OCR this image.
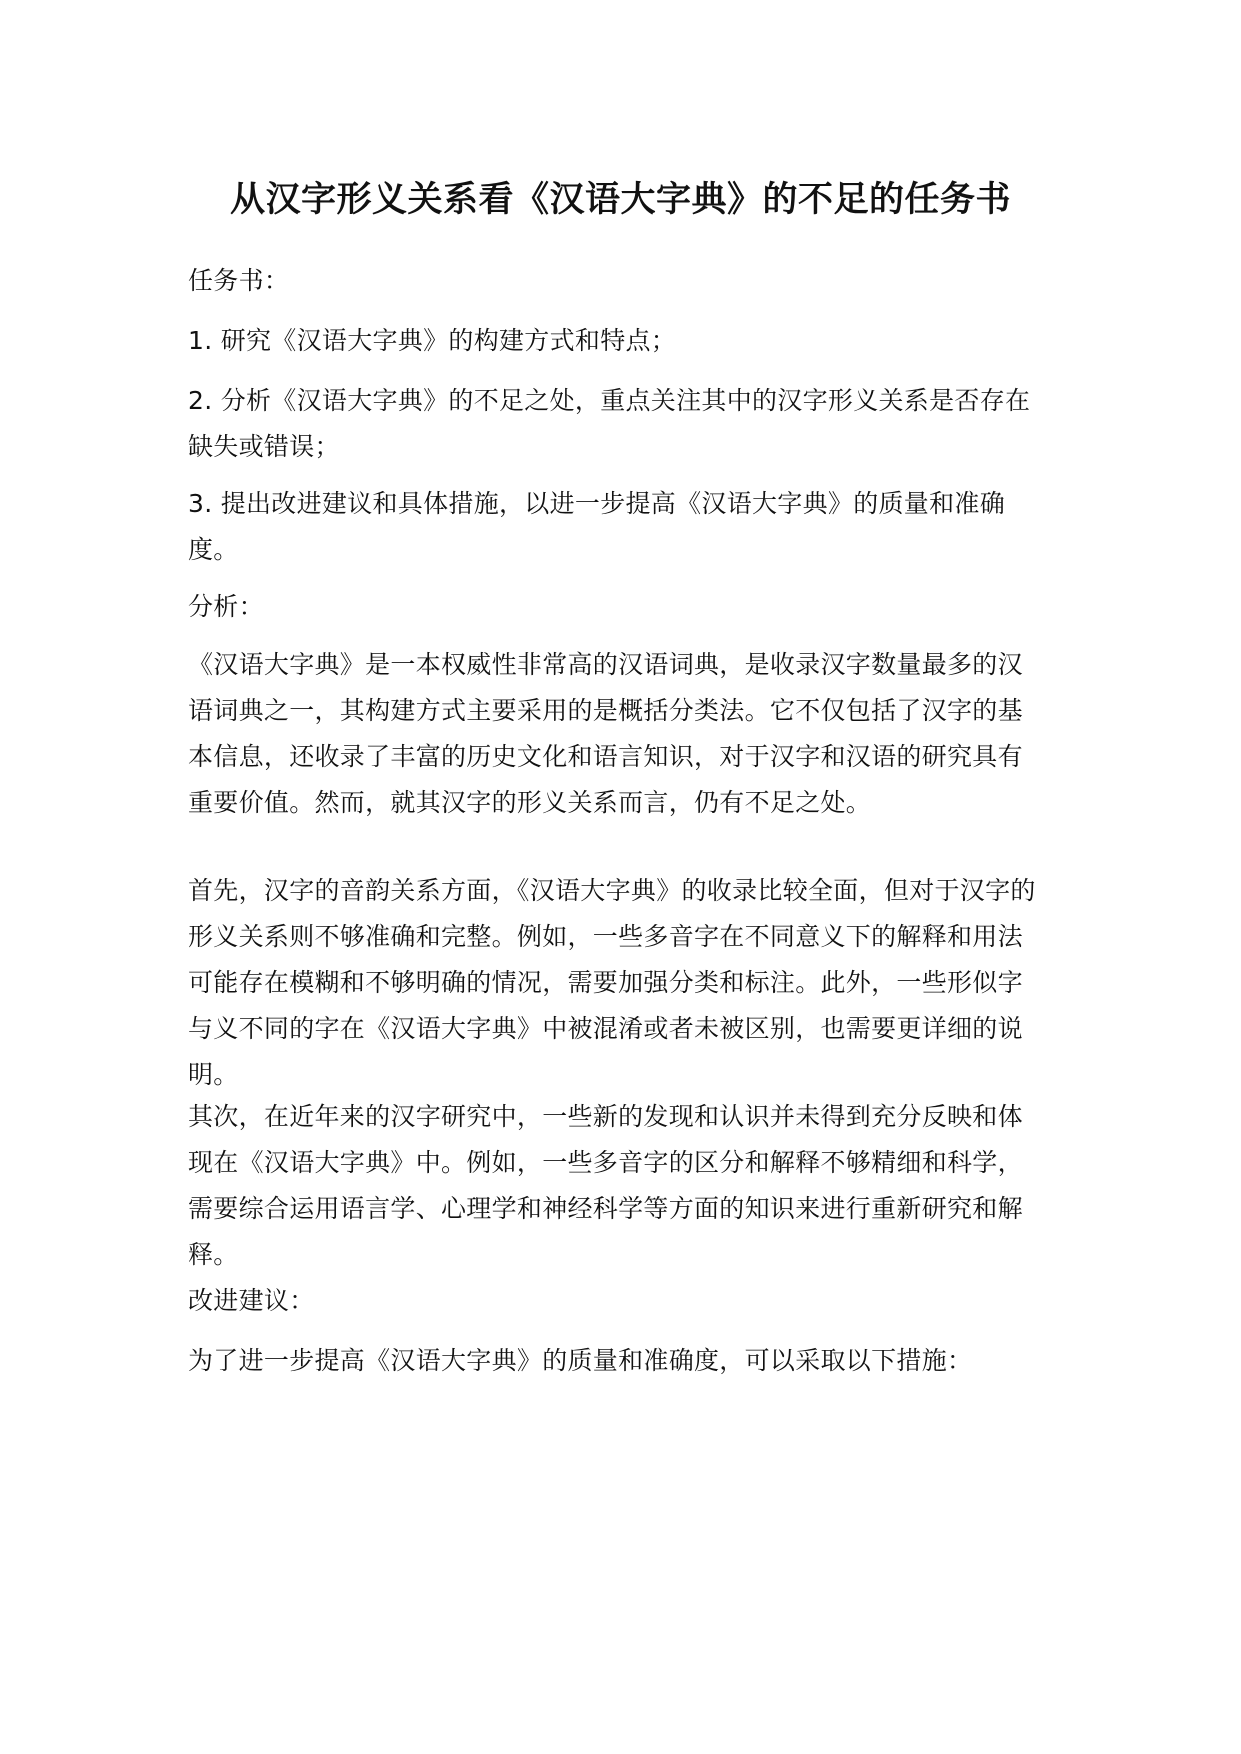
从汉字形义关系看《汉语大字典》的不足的任务书

任务书：

1. 研究《汉语大字典》的构建方式和特点；

2. 分析《汉语大字典》的不足之处，重点关注其中的汉字形义关系是否存在缺失或错误；

3. 提出改进建议和具体措施，以进一步提高《汉语大字典》的质量和准确度。

分析：

《汉语大字典》是一本权威性非常高的汉语词典，是收录汉字数量最多的汉语词典之一，其构建方式主要采用的是概括分类法。它不仅包括了汉字的基本信息，还收录了丰富的历史文化和语言知识，对于汉字和汉语的研究具有重要价值。然而，就其汉字的形义关系而言，仍有不足之处。

首先，汉字的音韵关系方面，《汉语大字典》的收录比较全面，但对于汉字的形义关系则不够准确和完整。例如，一些多音字在不同意义下的解释和用法可能存在模糊和不够明确的情况，需要加强分类和标注。此外，一些形似字与义不同的字在《汉语大字典》中被混淆或者未被区别，也需要更详细的说明。

其次，在近年来的汉字研究中，一些新的发现和认识并未得到充分反映和体现在《汉语大字典》中。例如，一些多音字的区分和解释不够精细和科学，需要综合运用语言学、心理学和神经科学等方面的知识来进行重新研究和解释。

改进建议：

为了进一步提高《汉语大字典》的质量和准确度，可以采取以下措施：
